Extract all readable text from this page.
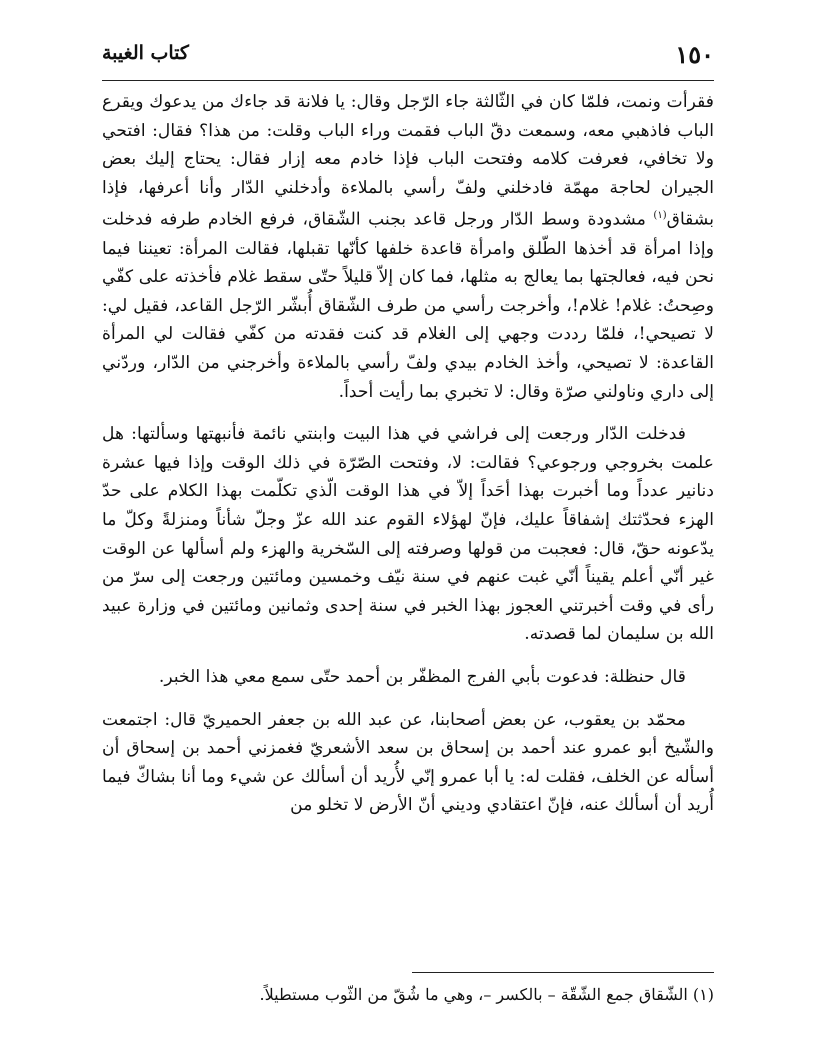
١٥٠
كتاب الغيبة

فقرأت ونمت، فلمّا كان في الثّالثة جاء الرّجل وقال: يا فلانة قد جاءك من يدعوك ويقرع الباب فاذهبي معه، وسمعت دقّ الباب فقمت وراء الباب وقلت: من هذا؟ فقال: افتحي ولا تخافي، فعرفت كلامه وفتحت الباب فإذا خادم معه إزار فقال: يحتاج إليك بعض الجيران لحاجة مهمّة فادخلني ولفّ رأسي بالملاءة وأدخلني الدّار وأنا أعرفها، فإذا بشقاق$^{(١)}$ مشدودة وسط الدّار ورجل قاعد بجنب الشّقاق، فرفع الخادم طرفه فدخلت وإذا امرأة قد أخذها الطّلق وامرأة قاعدة خلفها كأنّها تقبلها، فقالت المرأة: تعيننا فيما نحن فيه، فعالجتها بما يعالج به مثلها، فما كان إلاّ قليلاً حتّى سقط غلام فأخذته على كفّي وصِحتُ: غلام! غلام!، وأخرجت رأسي من طرف الشّقاق أُبشّر الرّجل القاعد، فقيل لي: لا تصيحي!، فلمّا رددت وجهي إلى الغلام قد كنت فقدته من كفّي فقالت لي المرأة القاعدة: لا تصيحي، وأخذ الخادم بيدي ولفّ رأسي بالملاءة وأخرجني من الدّار، وردّني إلى داري وناولني صرّة وقال: لا تخبري بما رأيت أحداً.

فدخلت الدّار ورجعت إلى فراشي في هذا البيت وابنتي نائمة فأنبهتها وسألتها: هل علمت بخروجي ورجوعي؟ فقالت: لا، وفتحت الصّرّة في ذلك الوقت وإذا فيها عشرة دنانير عدداً وما أخبرت بهذا أحَداً إلاّ في هذا الوقت الّذي تكلّمت بهذا الكلام على حدّ الهزء فحدّثتك إشفاقاً عليك، فإنّ لهؤلاء القوم عند الله عزّ وجلّ شأناً ومنزلةً وكلّ ما يدّعونه حقّ، قال: فعجبت من قولها وصرفته إلى السّخرية والهزء ولم أسألها عن الوقت غير أنّي أعلم يقيناً أنّي غبت عنهم في سنة نيّف وخمسين ومائتين ورجعت إلى سرّ من رأى في وقت أخبرتني العجوز بهذا الخبر في سنة إحدى وثمانين ومائتين في وزارة عبيد الله بن سليمان لما قصدته.

قال حنظلة: فدعوت بأبي الفرج المظفّر بن أحمد حتّى سمع معي هذا الخبر.

محمّد بن يعقوب، عن بعض أصحابنا، عن عبد الله بن جعفر الحميريّ قال: اجتمعت والشّيخ أبو عمرو عند أحمد بن إسحاق بن سعد الأشعريّ فغمزني أحمد بن إسحاق أن أسأله عن الخلف، فقلت له: يا أبا عمرو إنّي لأُريد أن أسألك عن شيء وما أنا بشاكّ فيما أُريد أن أسألك عنه، فإنّ اعتقادي وديني أنّ الأرض لا تخلو من

(١) الشّقاق جمع الشّقّة – بالكسر –، وهي ما شُقّ من الثّوب مستطيلاً.
